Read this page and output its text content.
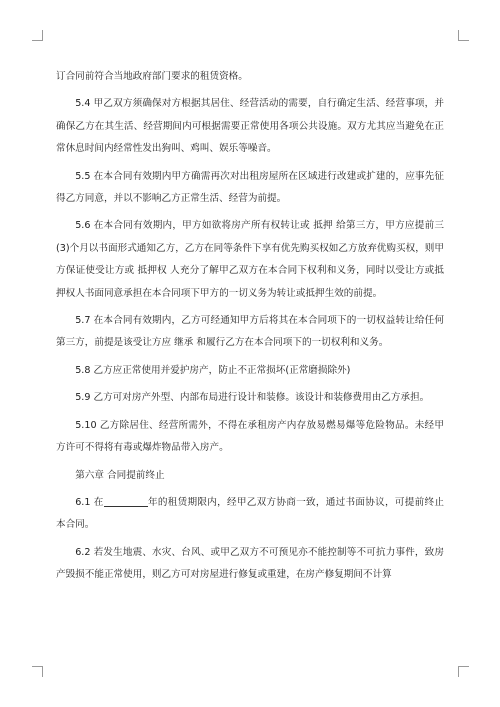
订合同前符合当地政府部门要求的租赁资格。

5.4 甲乙双方须确保对方根据其居住、经营活动的需要，自行确定生活、经营事项，并确保乙方在其生活、经营期间内可根据需要正常使用各项公共设施。双方尤其应当避免在正常休息时间内经常性发出狗叫、鸡叫、娱乐等噪音。

5.5 在本合同有效期内甲方确需再次对出租房屋所在区域进行改建或扩建的，应事先征得乙方同意，并以不影响乙方正常生活、经营为前提。

5.6 在本合同有效期内，甲方如欲将房产所有权转让或 抵押 给第三方，甲方应提前三(3)个月以书面形式通知乙方，乙方在同等条件下享有优先购买权如乙方放弃优购买权，则甲方保证使受让方或 抵押权 人充分了解甲乙双方在本合同下权利和义务，同时以受让方或抵押权人书面同意承担在本合同项下甲方的一切义务为转让或抵押生效的前提。

5.7 在本合同有效期内，乙方可经通知甲方后将其在本合同项下的一切权益转让给任何第三方，前提是该受让方应 继承 和履行乙方在本合同项下的一切权利和义务。

5.8 乙方应正常使用并爱护房产，防止不正常损坏(正常磨损除外)

5.9 乙方可对房产外型、内部布局进行设计和装修。该设计和装修费用由乙方承担。

5.10 乙方除居住、经营所需外，不得在承租房产内存放易燃易爆等危险物品。未经甲方许可不得将有毒或爆炸物品带入房产。

第六章 合同提前终止

6.1 在	年的租赁期限内，经甲乙双方协商一致，通过书面协议，可提前终止本合同。

6.2 若发生地震、水灾、台风、或甲乙双方不可预见亦不能控制等不可抗力事件，致房产毁损不能正常使用，则乙方可对房屋进行修复或重建，在房产修复期间不计算
